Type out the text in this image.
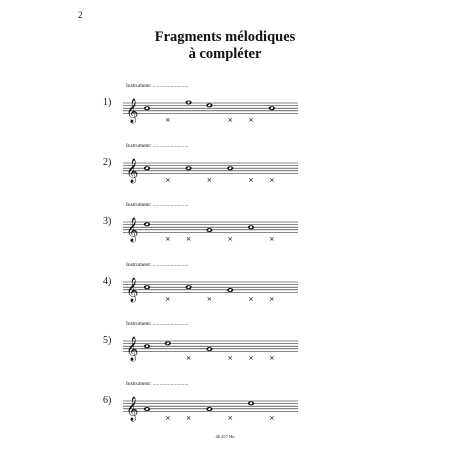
2
Fragments mélodiques
à compléter
Instrument: ..........................
1) 𝄞
Instrument: ..........................
2) 𝄞
Instrument: ..........................
3) 𝄞
Instrument: ..........................
4) 𝄞
Instrument: ..........................
5) 𝄞
Instrument: ..........................
6) 𝄞
46 457 Hu
